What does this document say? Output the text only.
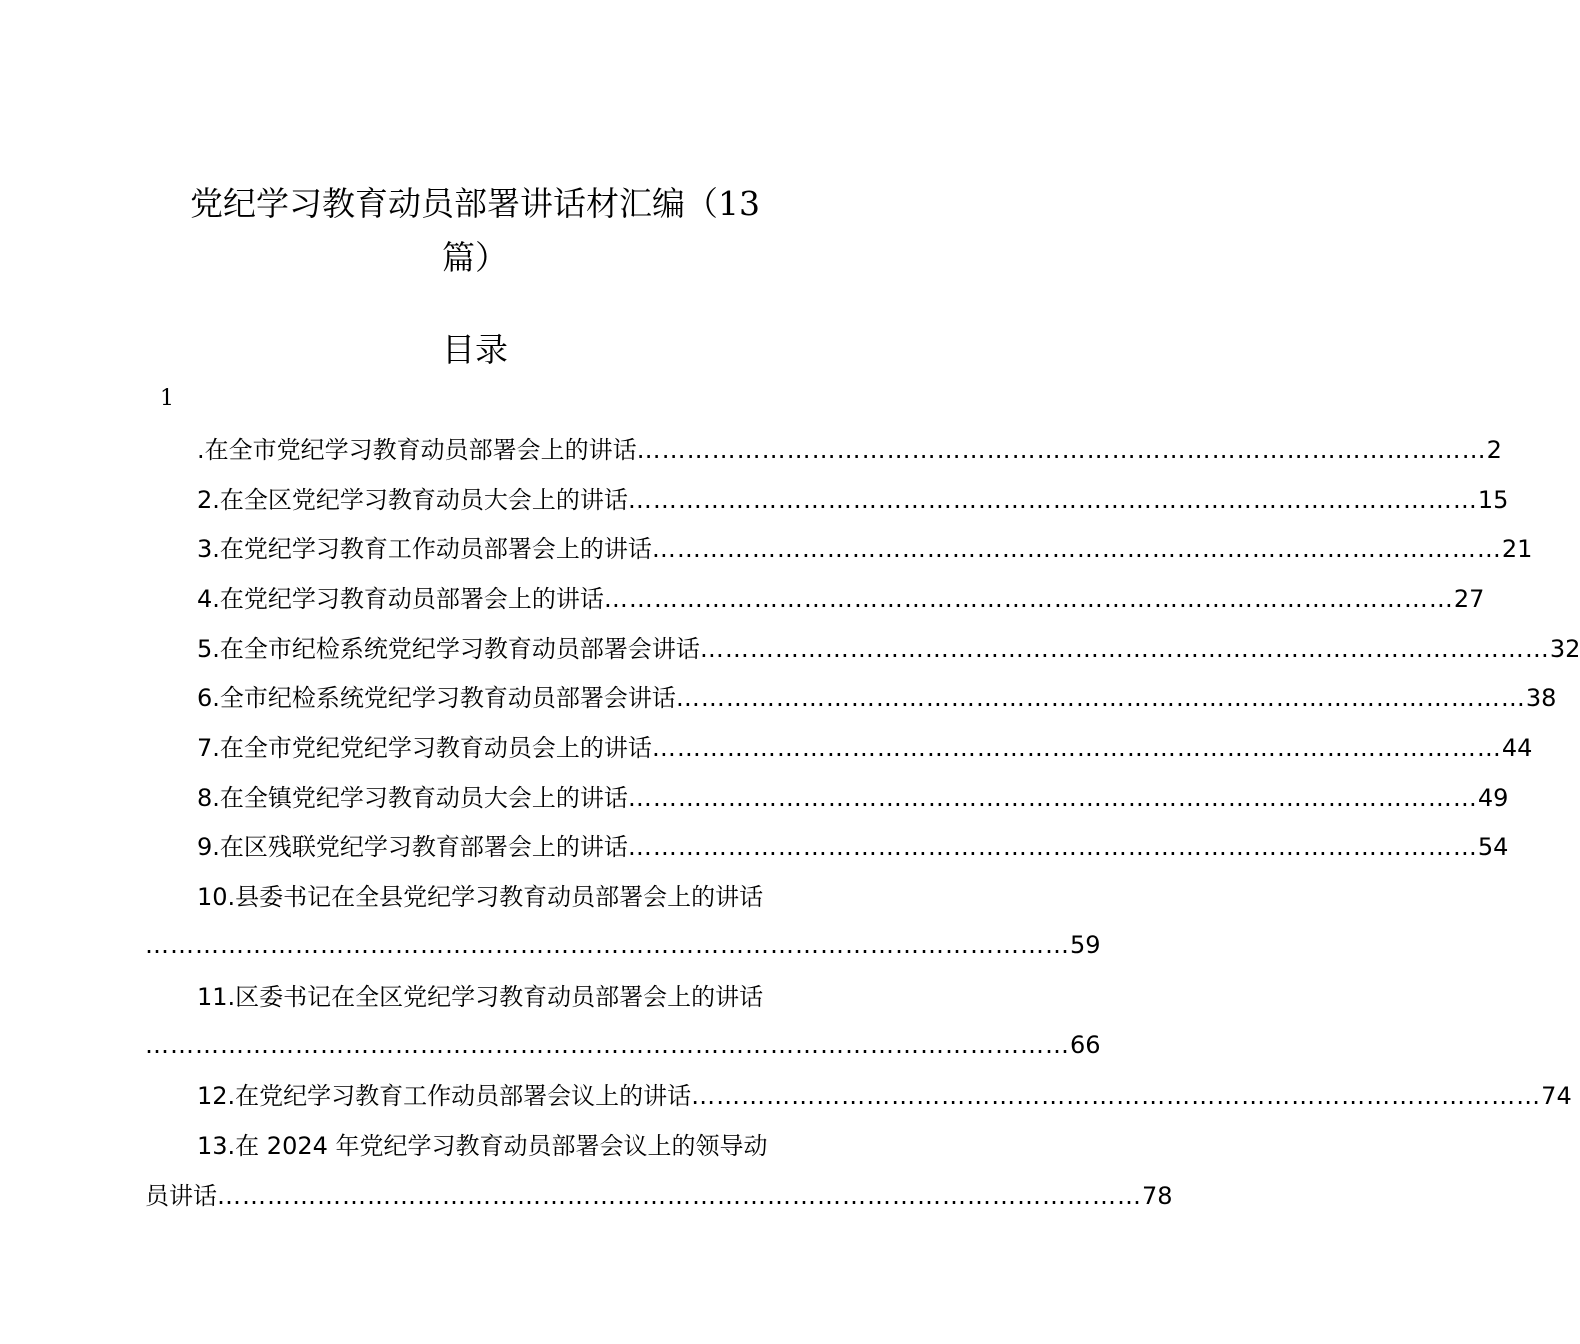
党纪学习教育动员部署讲话材汇编（13
篇）
目录
1
.在全市党纪学习教育动员部署会上的讲话 ………………………………………………………………………………………… 2
2.在全区党纪学习教育动员大会上的讲话 ………………………………………………………………………………………… 15
3.在党纪学习教育工作动员部署会上的讲话 ………………………………………………………………………………………… 21
4.在党纪学习教育动员部署会上的讲话 ………………………………………………………………………………………… 27
5.在全市纪检系统党纪学习教育动员部署会讲话 ………………………………………………………………………………………… 32
6.全市纪检系统党纪学习教育动员部署会讲话 ………………………………………………………………………………………… 38
7.在全市党纪党纪学习教育动员会上的讲话 ………………………………………………………………………………………… 44
8.在全镇党纪学习教育动员大会上的讲话 ………………………………………………………………………………………… 49
9.在区残联党纪学习教育部署会上的讲话 ………………………………………………………………………………………… 54
10.县委书记在全县党纪学习教育动员部署会上的讲话
………………………………………………………………………………………………… 59
11.区委书记在全区党纪学习教育动员部署会上的讲话
………………………………………………………………………………………………… 66
12.在党纪学习教育工作动员部署会议上的讲话 ………………………………………………………………………………………… 74
13.在 2024 年党纪学习教育动员部署会议上的领导动
员讲话 ………………………………………………………………………………………………… 78
